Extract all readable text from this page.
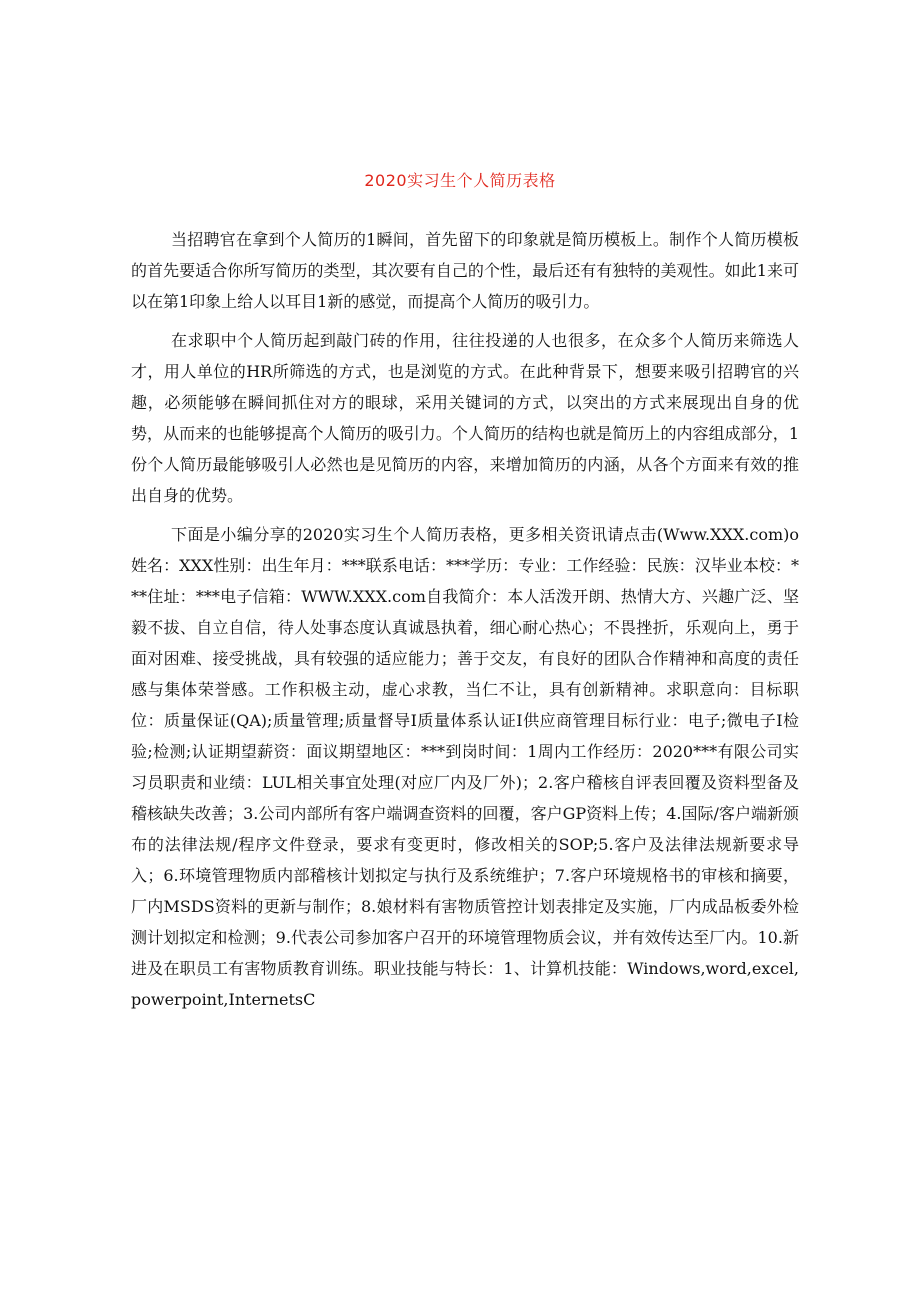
2020实习生个人简历表格

当招聘官在拿到个人简历的1瞬间，首先留下的印象就是简历模板上。制作个人简历模板的首先要适合你所写简历的类型，其次要有自己的个性，最后还有有独特的美观性。如此1来可以在第1印象上给人以耳目1新的感觉，而提高个人简历的吸引力。

在求职中个人简历起到敲门砖的作用，往往投递的人也很多，在众多个人简历来筛选人才，用人单位的HR所筛选的方式，也是浏览的方式。在此种背景下，想要来吸引招聘官的兴趣，必须能够在瞬间抓住对方的眼球，采用关键词的方式，以突出的方式来展现出自身的优势，从而来的也能够提高个人简历的吸引力。个人简历的结构也就是简历上的内容组成部分，1份个人简历最能够吸引人必然也是见简历的内容，来增加简历的内涵，从各个方面来有效的推出自身的优势。

下面是小编分享的2020实习生个人简历表格，更多相关资讯请点击(Www.XXX.com)o姓名：XXX性别：出生年月：***联系电话：***学历：专业：工作经验：民族：汉毕业本校：***住址：***电子信箱：WWW.XXX.com自我简介：本人活泼开朗、热情大方、兴趣广泛、坚毅不拔、自立自信，待人处事态度认真诚恳执着，细心耐心热心；不畏挫折，乐观向上，勇于面对困难、接受挑战，具有较强的适应能力；善于交友，有良好的团队合作精神和高度的责任感与集体荣誉感。工作积极主动，虚心求教，当仁不让，具有创新精神。求职意向：目标职位：质量保证(QA);质量管理;质量督导I质量体系认证I供应商管理目标行业：电子;微电子I检验;检测;认证期望薪资：面议期望地区：***到岗时间：1周内工作经历：2020***有限公司实习员职责和业绩：LUL相关事宜处理(对应厂内及厂外)；2.客户稽核自评表回覆及资料型备及稽核缺失改善；3.公司内部所有客户端调查资料的回覆，客户GP资料上传；4.国际/客户端新颁布的法律法规/程序文件登录，要求有变更时，修改相关的SOP;5.客户及法律法规新要求导入；6.环境管理物质内部稽核计划拟定与执行及系统维护；7.客户环境规格书的审核和摘要，厂内MSDS资料的更新与制作；8.娘材料有害物质管控计划表排定及实施，厂内成品板委外检测计划拟定和检测；9.代表公司参加客户召开的环境管理物质会议，并有效传达至厂内。10.新进及在职员工有害物质教育训练。职业技能与特长：1、计算机技能：Windows,word,excel,powerpoint,InternetsC
